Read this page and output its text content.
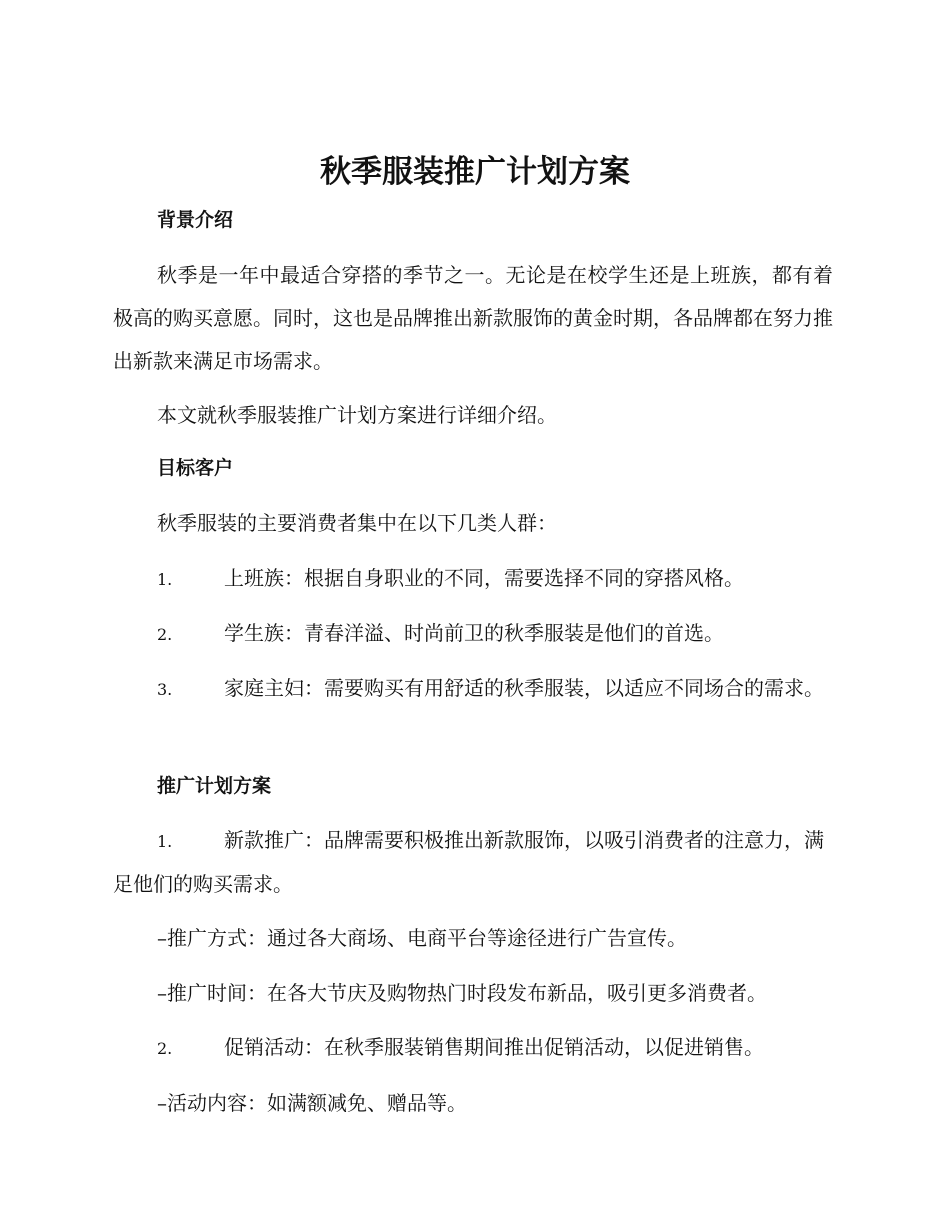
秋季服装推广计划方案
背景介绍

秋季是一年中最适合穿搭的季节之一。无论是在校学生还是上班族，都有着极高的购买意愿。同时，这也是品牌推出新款服饰的黄金时期，各品牌都在努力推出新款来满足市场需求。

本文就秋季服装推广计划方案进行详细介绍。

目标客户

秋季服装的主要消费者集中在以下几类人群：

1.	上班族：根据自身职业的不同，需要选择不同的穿搭风格。

2.	学生族：青春洋溢、时尚前卫的秋季服装是他们的首选。

3.	家庭主妇：需要购买有用舒适的秋季服装，以适应不同场合的需求。

推广计划方案

1.	新款推广：品牌需要积极推出新款服饰，以吸引消费者的注意力，满足他们的购买需求。

–推广方式：通过各大商场、电商平台等途径进行广告宣传。

–推广时间：在各大节庆及购物热门时段发布新品，吸引更多消费者。

2.	促销活动：在秋季服装销售期间推出促销活动，以促进销售。

–活动内容：如满额减免、赠品等。
